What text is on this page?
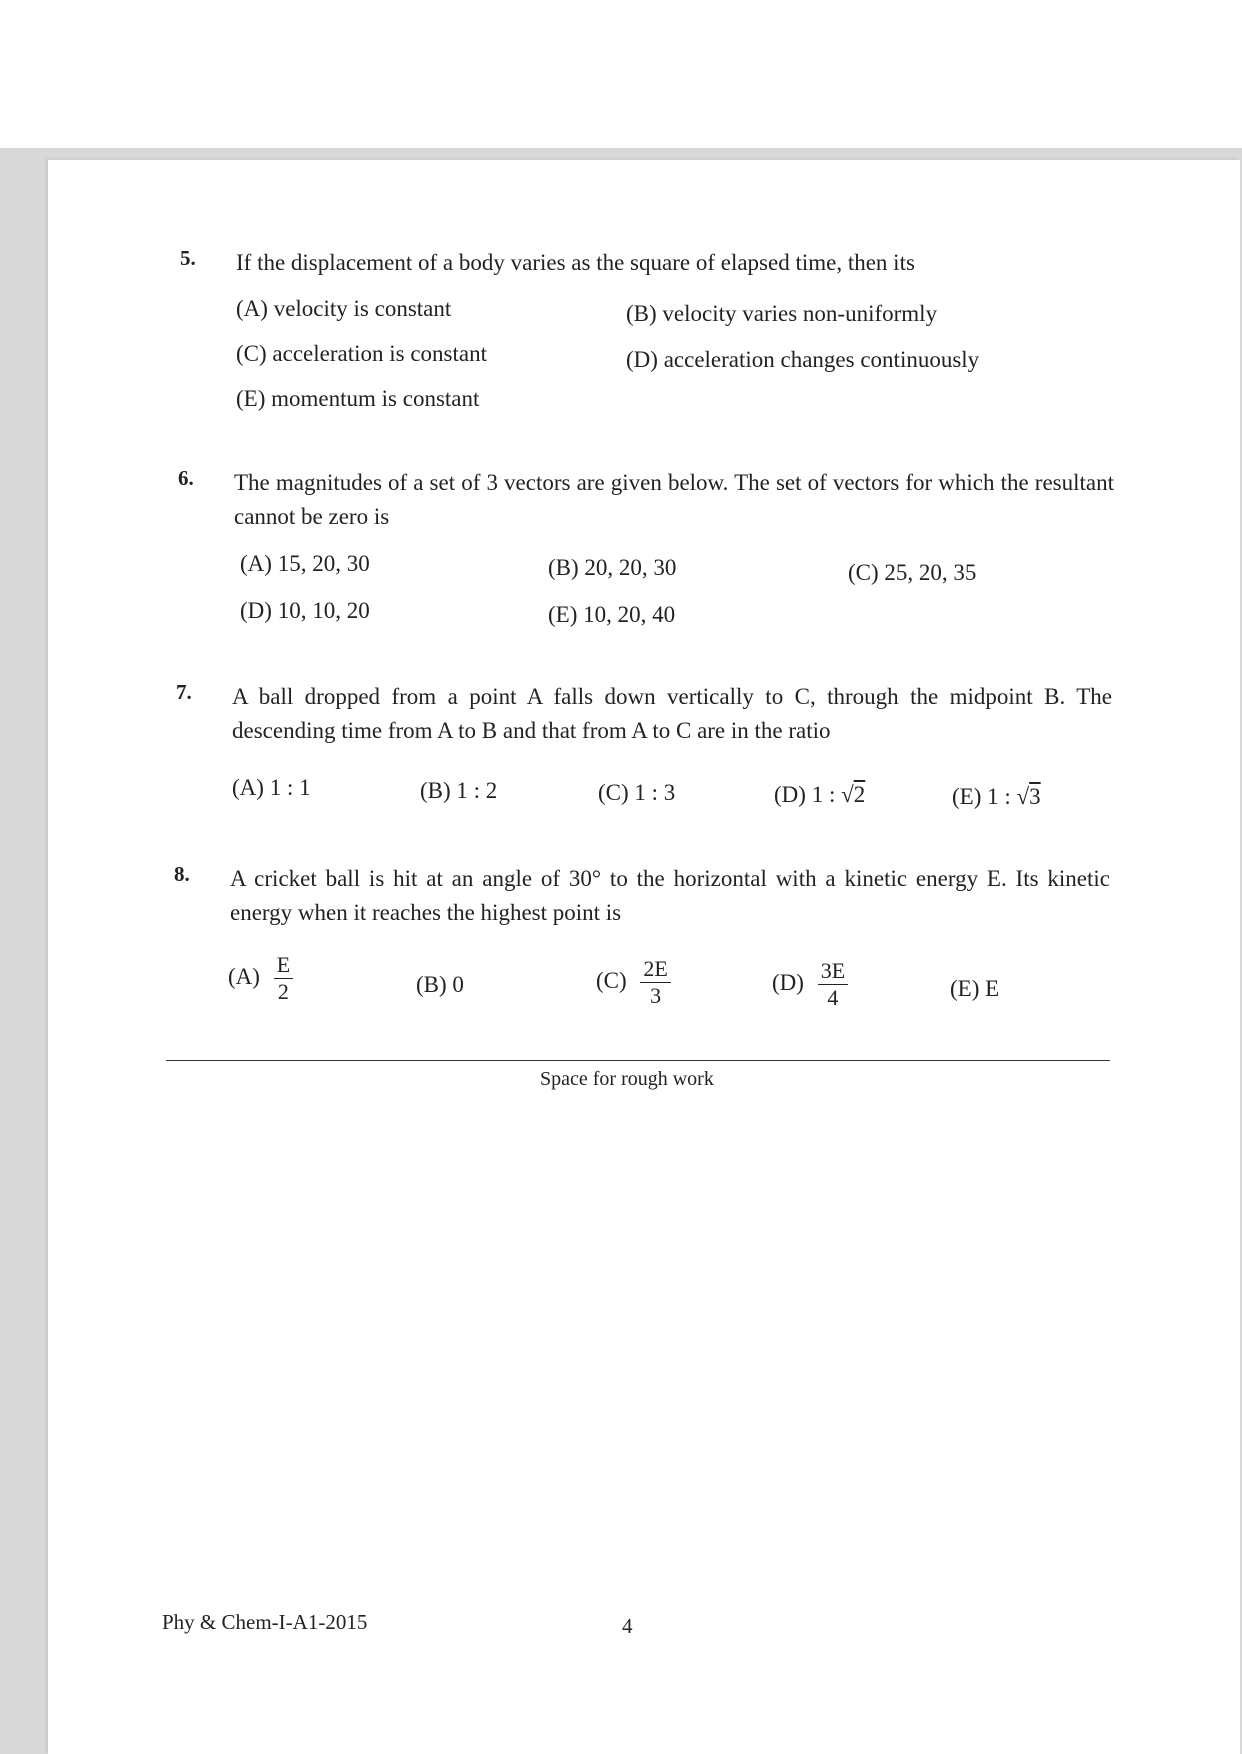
5. If the displacement of a body varies as the square of elapsed time, then its
(A) velocity is constant	(B) velocity varies non-uniformly
(C) acceleration is constant	(D) acceleration changes continuously
(E) momentum is constant
6. The magnitudes of a set of 3 vectors are given below. The set of vectors for which the resultant cannot be zero is
(A) 15, 20, 30	(B) 20, 20, 30	(C) 25, 20, 35
(D) 10, 10, 20	(E) 10, 20, 40
7. A ball dropped from a point A falls down vertically to C, through the midpoint B. The descending time from A to B and that from A to C are in the ratio
(A) 1 : 1	(B) 1 : 2	(C) 1 : 3	(D) 1 : √2	(E) 1 : √3
8. A cricket ball is hit at an angle of 30° to the horizontal with a kinetic energy E. Its kinetic energy when it reaches the highest point is
$(A) \frac{E}{2}$	(B) 0	$(C) \frac{2E}{3}$	$(D) \frac{3E}{4}$	(E) E
Space for rough work
Phy & Chem-I-A1-2015	4
